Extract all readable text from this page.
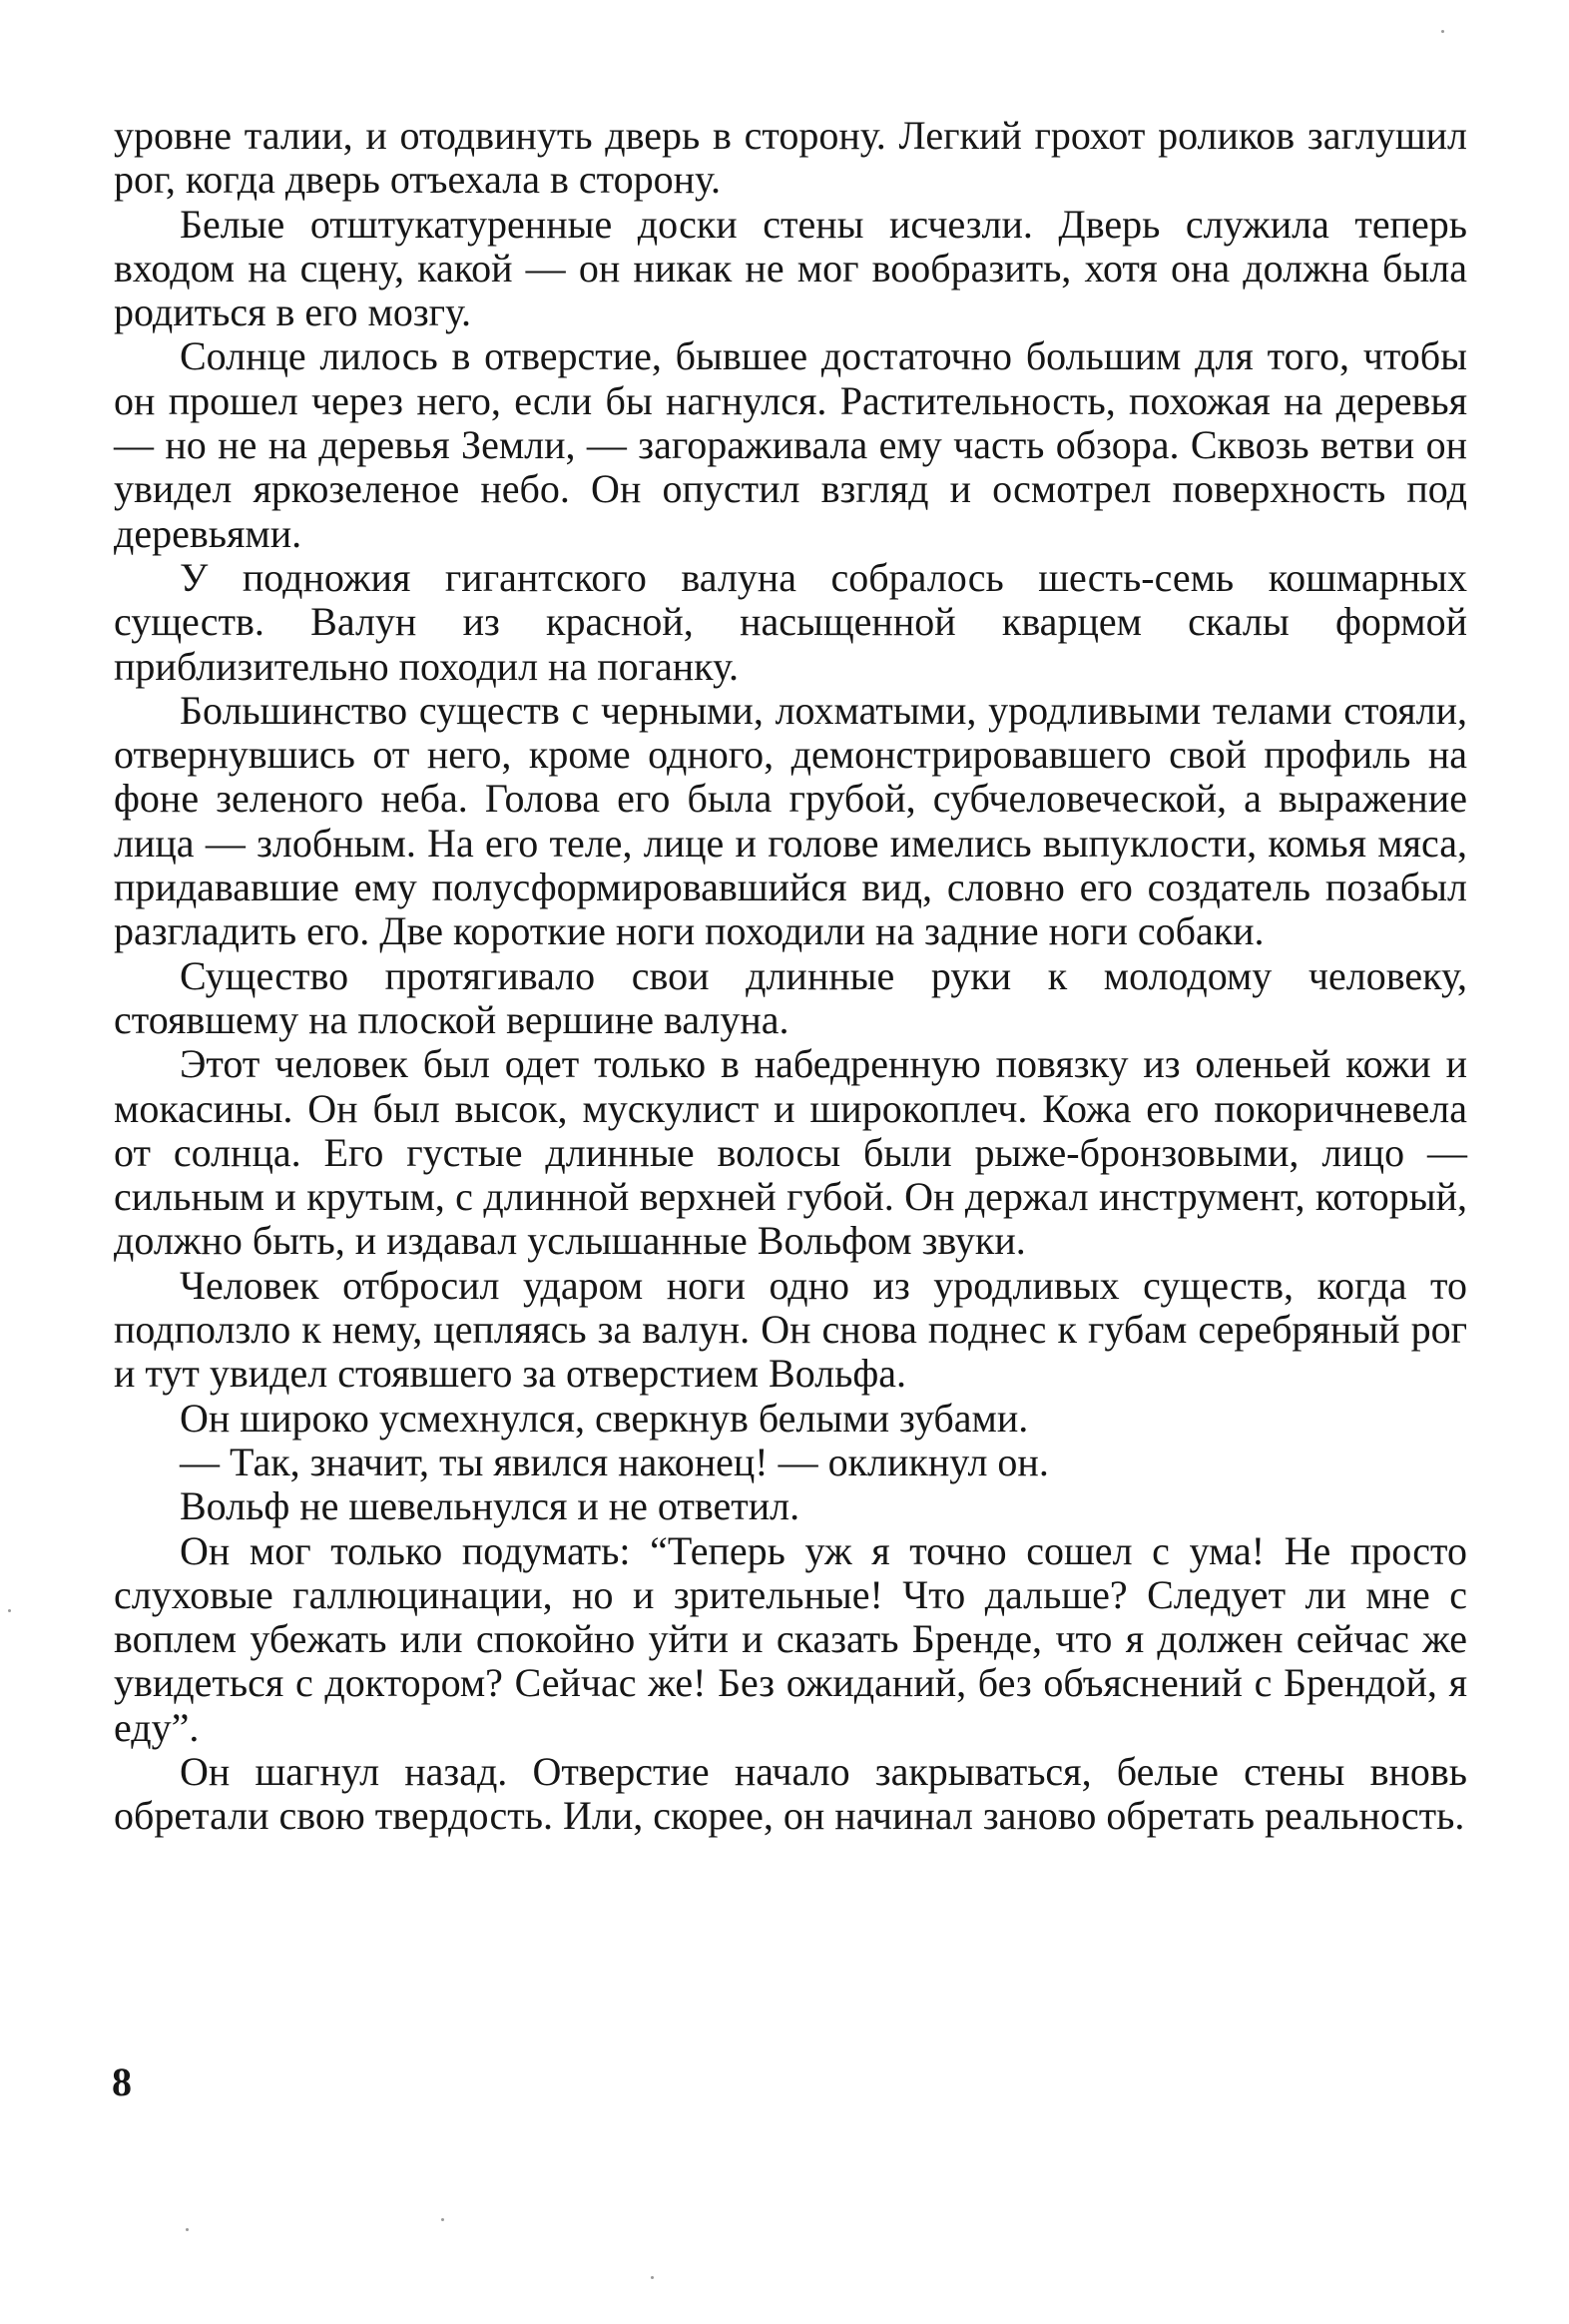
уровне талии, и отодвинуть дверь в сторону. Легкий грохот роликов заглушил рог, когда дверь отъехала в сторону.

Белые отштукатуренные доски стены исчезли. Дверь служила теперь входом на сцену, какой — он никак не мог вообразить, хотя она должна была родиться в его мозгу.

Солнце лилось в отверстие, бывшее достаточно большим для того, чтобы он прошел через него, если бы нагнулся. Растительность, похожая на деревья — но не на деревья Земли, — загораживала ему часть обзора. Сквозь ветви он увидел яркозеленое небо. Он опустил взгляд и осмотрел поверхность под деревьями.

У подножия гигантского валуна собралось шесть-семь кошмарных существ. Валун из красной, насыщенной кварцем скалы формой приблизительно походил на поганку.

Большинство существ с черными, лохматыми, уродливыми телами стояли, отвернувшись от него, кроме одного, демонстрировавшего свой профиль на фоне зеленого неба. Голова его была грубой, субчеловеческой, а выражение лица — злобным. На его теле, лице и голове имелись выпуклости, комья мяса, придававшие ему полусформировавшийся вид, словно его создатель позабыл разгладить его. Две короткие ноги походили на задние ноги собаки.

Существо протягивало свои длинные руки к молодому человеку, стоявшему на плоской вершине валуна.

Этот человек был одет только в набедренную повязку из оленьей кожи и мокасины. Он был высок, мускулист и широкоплеч. Кожа его покоричневела от солнца. Его густые длинные волосы были рыже-бронзовыми, лицо — сильным и крутым, с длинной верхней губой. Он держал инструмент, который, должно быть, и издавал услышанные Вольфом звуки.

Человек отбросил ударом ноги одно из уродливых существ, когда то подползло к нему, цепляясь за валун. Он снова поднес к губам серебряный рог и тут увидел стоявшего за отверстием Вольфа.

Он широко усмехнулся, сверкнув белыми зубами.

— Так, значит, ты явился наконец! — окликнул он.

Вольф не шевельнулся и не ответил.

Он мог только подумать: “Теперь уж я точно сошел с ума! Не просто слуховые галлюцинации, но и зрительные! Что дальше? Следует ли мне с воплем убежать или спокойно уйти и сказать Бренде, что я должен сейчас же увидеться с доктором? Сейчас же! Без ожиданий, без объяснений с Брендой, я еду”.

Он шагнул назад. Отверстие начало закрываться, белые стены вновь обретали свою твердость. Или, скорее, он начинал заново обретать реальность.

8
